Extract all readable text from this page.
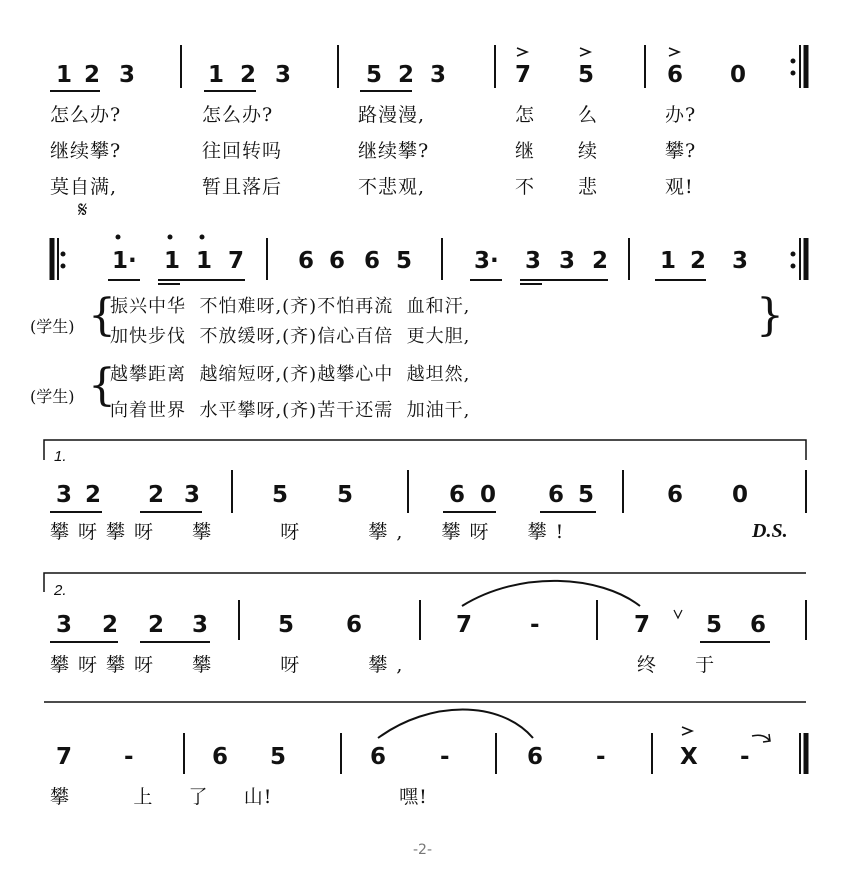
1 2 3	1 2 3	5 2 3	7 5	6 0
怎么办?	怎么办?	路漫漫,	怎 么	办?
继续攀?	往回转吗	继续攀?	继 续	攀?
莫自满,	暂且落后	不悲观,	不 悲	观!
𝄋
1· 1 1 7 6 6 6 5	3· 3 3 2 1 2 3
(学生) {
振兴中华  不怕难呀,(齐)不怕再流  血和汗,
加快步伐  不放缓呀,(齐)信心百倍  更大胆,	}
(学生) {
越攀距离  越缩短呀,(齐)越攀心中  越坦然,
向着世界  水平攀呀,(齐)苦干还需  加油干,
1.
3 2 2 3	5 5	6 0 6 5	6 0
攀呀攀呀  攀    呀    攀,  攀呀  攀!	D.S.
2.
3 2 2 3	5 6	7	-	7 5 6
攀呀攀呀  攀    呀    攀,               终  于
7 -	6 5	6 -	6 -	X -
攀         上     了     山!                  嘿!
-2-
